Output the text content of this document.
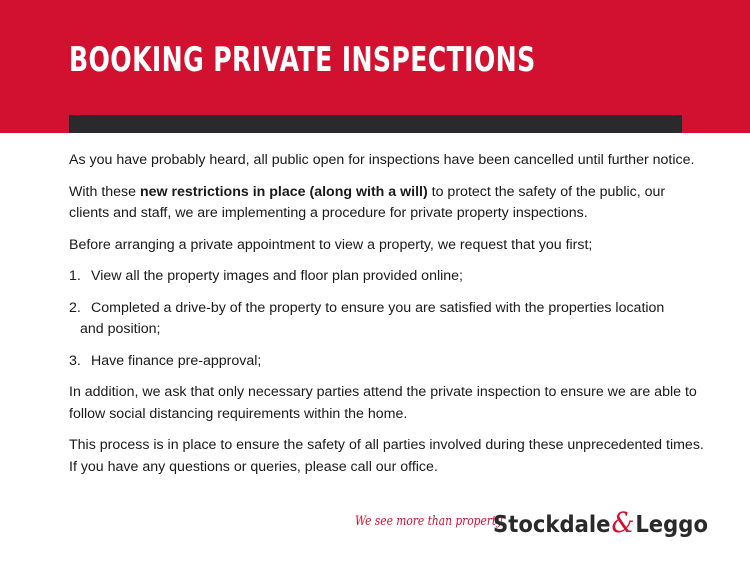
BOOKING PRIVATE INSPECTIONS

As you have probably heard, all public open for inspections have been cancelled until further notice.

With these new restrictions in place (along with a will) to protect the safety of the public, our clients and staff, we are implementing a procedure for private property inspections.

Before arranging a private appointment to view a property, we request that you first;

1. View all the property images and floor plan provided online;
2. Completed a drive-by of the property to ensure you are satisfied with the properties location
and position;
3. Have finance pre-approval;

In addition, we ask that only necessary parties attend the private inspection to ensure we are able to follow social distancing requirements within the home.

This process is in place to ensure the safety of all parties involved during these unprecedented times. If you have any questions or queries, please call our office.

We see more than property
Stockdale&Leggo
